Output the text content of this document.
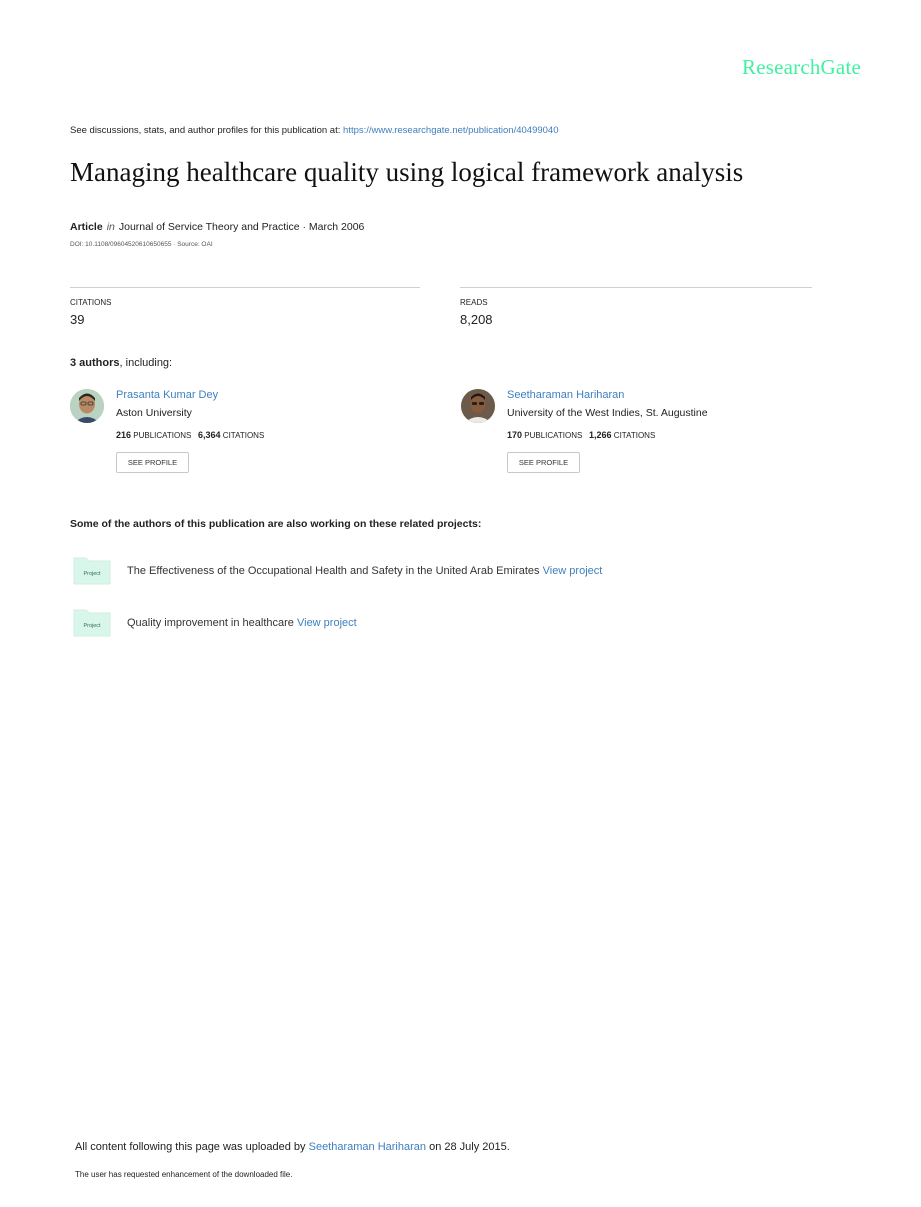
ResearchGate
See discussions, stats, and author profiles for this publication at: https://www.researchgate.net/publication/40499040
Managing healthcare quality using logical framework analysis
Article in Journal of Service Theory and Practice · March 2006
DOI: 10.1108/09604520610650655 · Source: OAI
CITATIONS
39
READS
8,208
3 authors, including:
Prasanta Kumar Dey
Aston University
216 PUBLICATIONS 6,364 CITATIONS
SEE PROFILE
Seetharaman Hariharan
University of the West Indies, St. Augustine
170 PUBLICATIONS 1,266 CITATIONS
SEE PROFILE
Some of the authors of this publication are also working on these related projects:
Project The Effectiveness of the Occupational Health and Safety in the United Arab Emirates View project
Project Quality improvement in healthcare View project
All content following this page was uploaded by Seetharaman Hariharan on 28 July 2015.
The user has requested enhancement of the downloaded file.
